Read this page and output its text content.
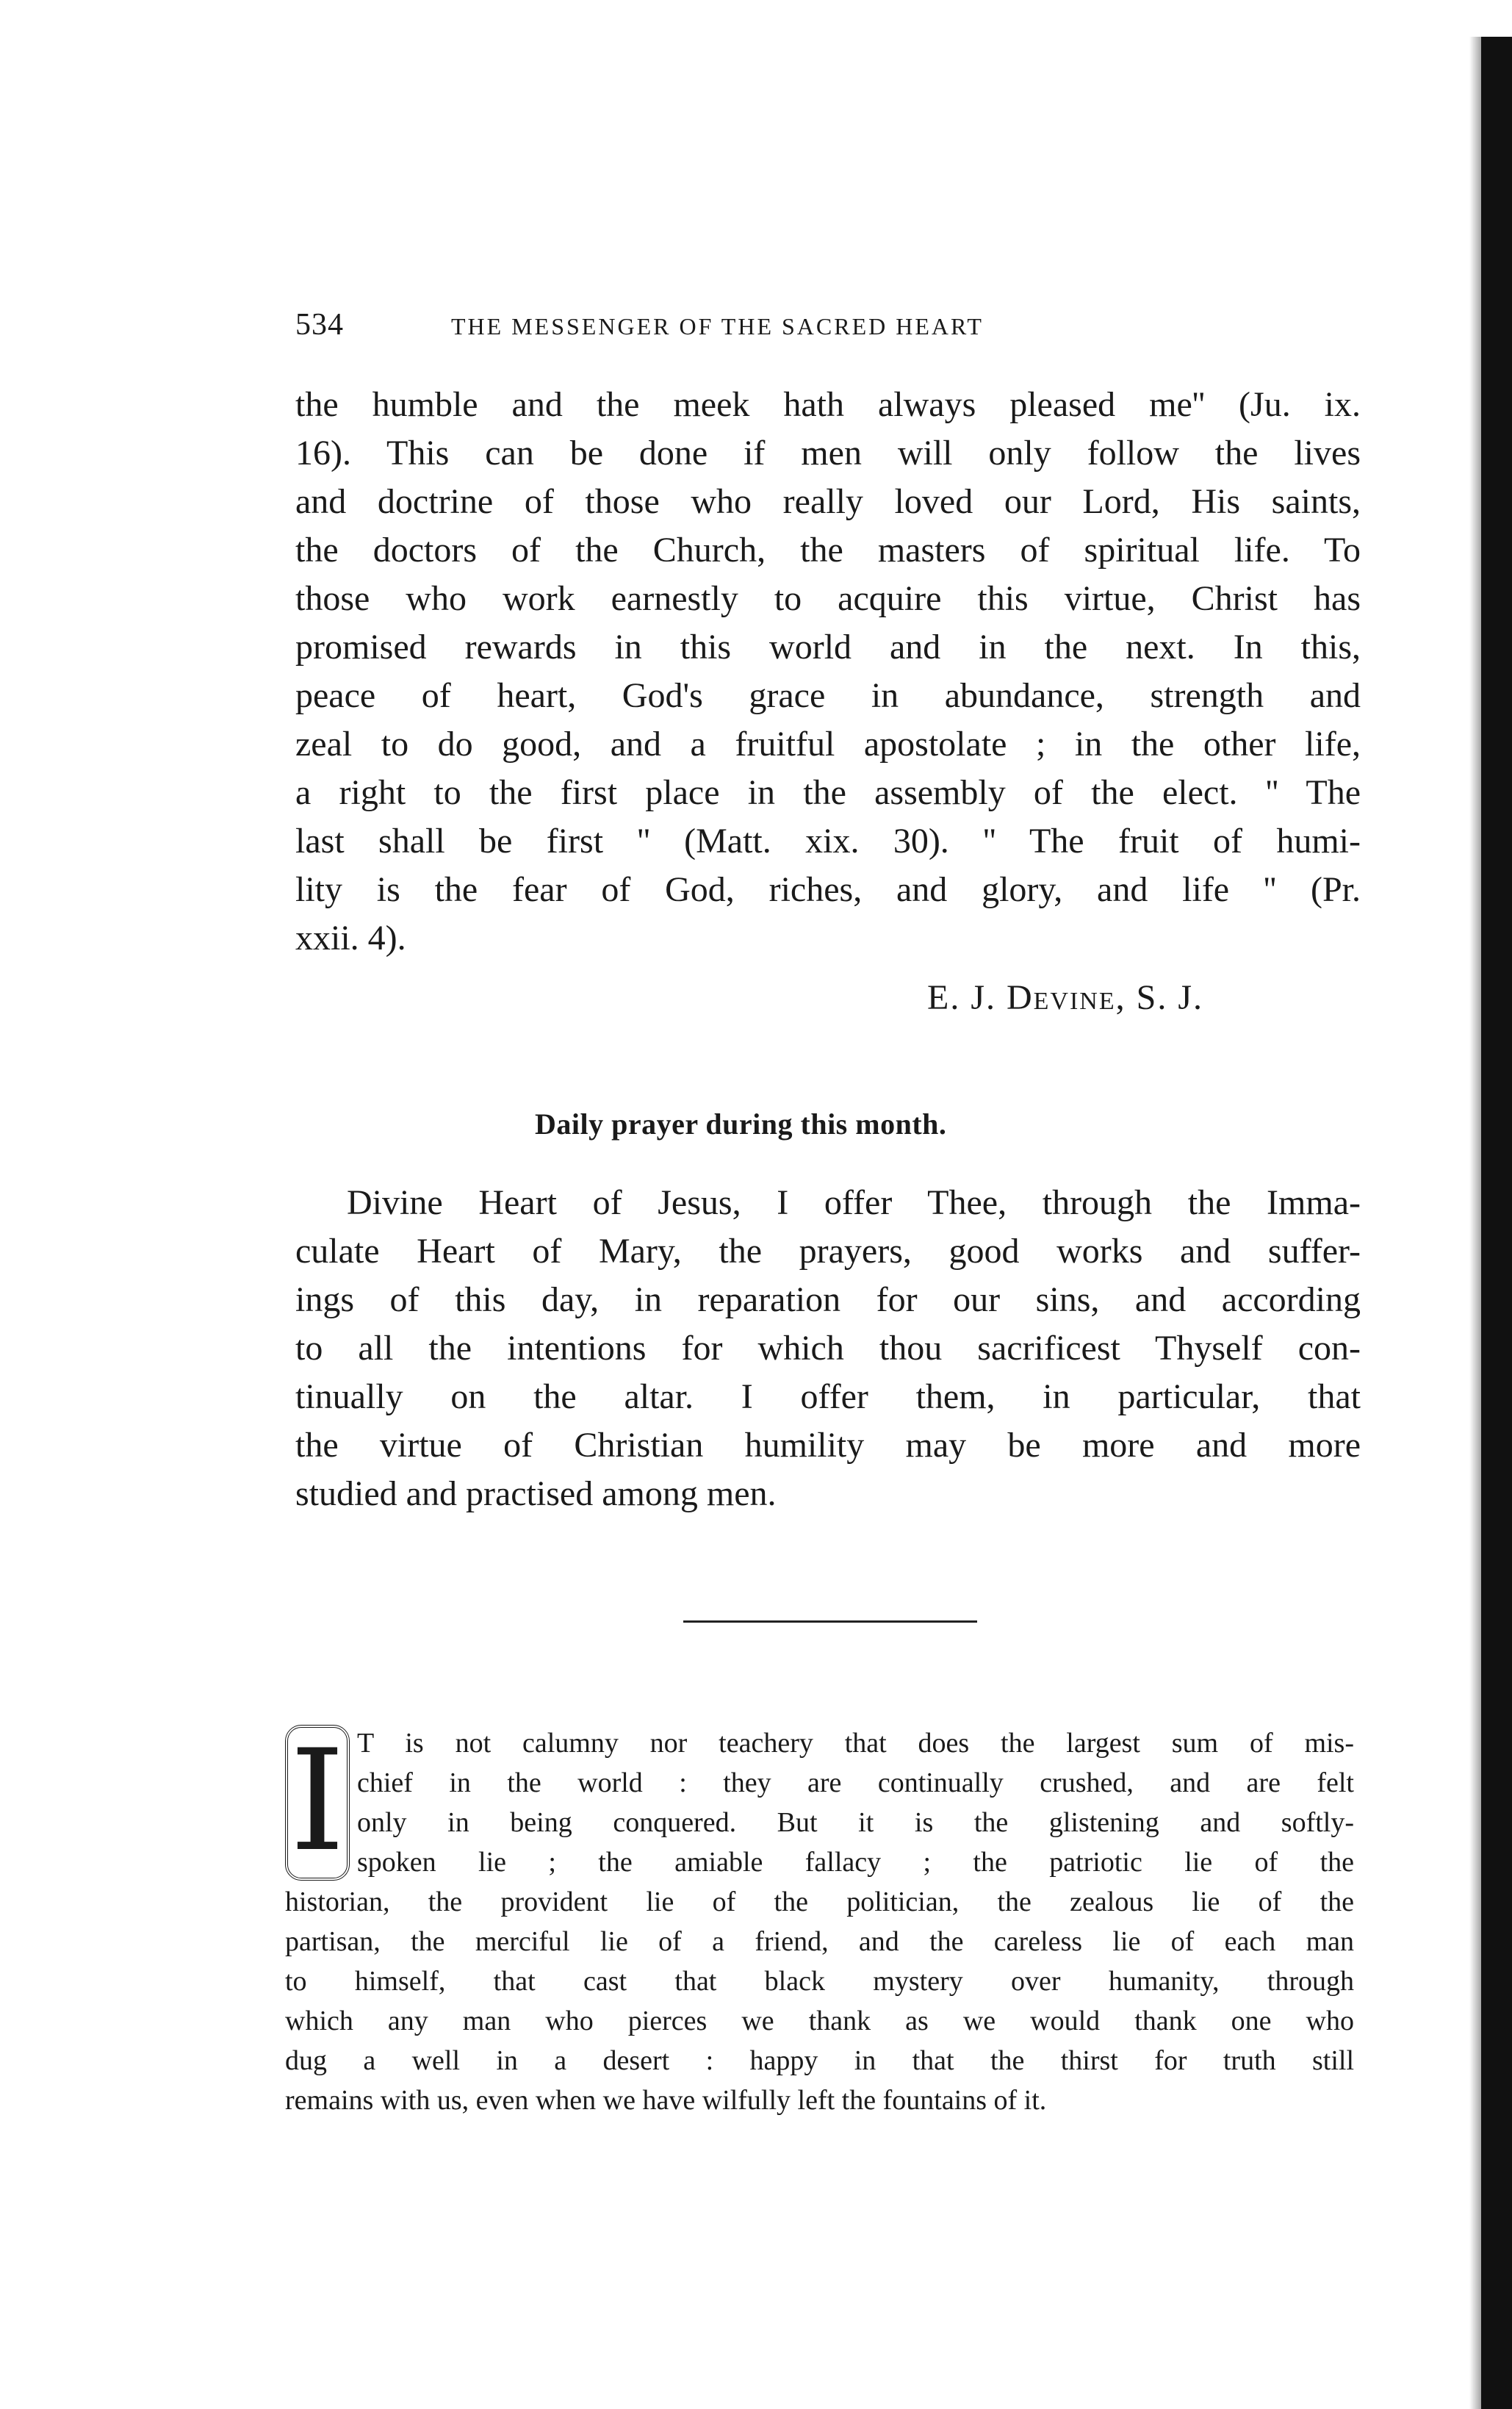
534	THE MESSENGER OF THE SACRED HEART
the humble and the meek hath always pleased me'' (Ju. ix.
16). This can be done if men will only follow the lives
and doctrine of those who really loved our Lord, His saints,
the doctors of the Church, the masters of spiritual life. To
those who work earnestly to acquire this virtue, Christ has
promised rewards in this world and in the next. In this,
peace of heart, God's grace in abundance, strength and
zeal to do good, and a fruitful apostolate ; in the other life,
a right to the first place in the assembly of the elect. '' The
last shall be first '' (Matt. xix. 30). '' The fruit of humi-
lity is the fear of God, riches, and glory, and life '' (Pr.
xxii. 4).
E. J. Devine, S. J.
Daily prayer during this month.
Divine Heart of Jesus, I offer Thee, through the Imma-
culate Heart of Mary, the prayers, good works and suffer-
ings of this day, in reparation for our sins, and according
to all the intentions for which thou sacrificest Thyself con-
tinually on the altar. I offer them, in particular, that
the virtue of Christian humility may be more and more
studied and practised among men.
I T is not calumny nor teachery that does the largest sum of mis-
chief in the world : they are continually crushed, and are felt
only in being conquered. But it is the glistening and softly-
spoken lie ; the amiable fallacy ; the patriotic lie of the
historian, the provident lie of the politician, the zealous lie of the
partisan, the merciful lie of a friend, and the careless lie of each man
to himself, that cast that black mystery over humanity, through
which any man who pierces we thank as we would thank one who
dug a well in a desert : happy in that the thirst for truth still
remains with us, even when we have wilfully left the fountains of it.
